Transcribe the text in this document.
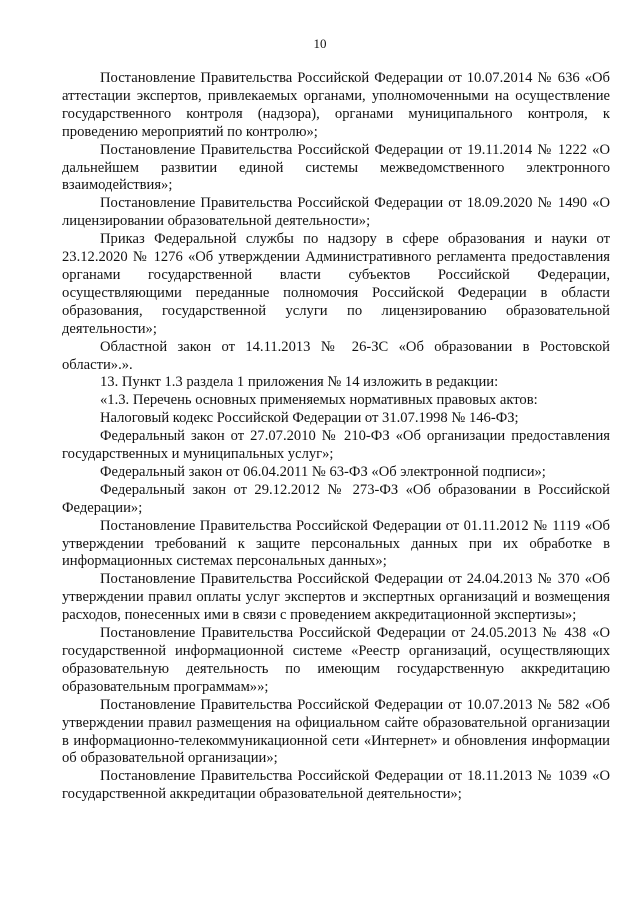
10

Постановление Правительства Российской Федерации от 10.07.2014 № 636 «Об аттестации экспертов, привлекаемых органами, уполномоченными на осуществление государственного контроля (надзора), органами муниципального контроля, к проведению мероприятий по контролю»;

Постановление Правительства Российской Федерации от 19.11.2014 № 1222 «О дальнейшем развитии единой системы межведомственного электронного взаимодействия»;

Постановление Правительства Российской Федерации от 18.09.2020 № 1490 «О лицензировании образовательной деятельности»;

Приказ Федеральной службы по надзору в сфере образования и науки от 23.12.2020 № 1276 «Об утверждении Административного регламента предоставления органами государственной власти субъектов Российской Федерации, осуществляющими переданные полномочия Российской Федерации в области образования, государственной услуги по лицензированию образовательной деятельности»;

Областной закон от 14.11.2013 № 26-ЗС «Об образовании в Ростовской области».».

13. Пункт 1.3 раздела 1 приложения № 14 изложить в редакции:

«1.3. Перечень основных применяемых нормативных правовых актов:

Налоговый кодекс Российской Федерации от 31.07.1998 № 146-ФЗ;

Федеральный закон от 27.07.2010 № 210-ФЗ «Об организации предоставления государственных и муниципальных услуг»;

Федеральный закон от 06.04.2011 № 63-ФЗ «Об электронной подписи»;

Федеральный закон от 29.12.2012 № 273-ФЗ «Об образовании в Российской Федерации»;

Постановление Правительства Российской Федерации от 01.11.2012 № 1119 «Об утверждении требований к защите персональных данных при их обработке в информационных системах персональных данных»;

Постановление Правительства Российской Федерации от 24.04.2013 № 370 «Об утверждении правил оплаты услуг экспертов и экспертных организаций и возмещения расходов, понесенных ими в связи с проведением аккредитационной экспертизы»;

Постановление Правительства Российской Федерации от 24.05.2013 № 438 «О государственной информационной системе «Реестр организаций, осуществляющих образовательную деятельность по имеющим государственную аккредитацию образовательным программам»»;

Постановление Правительства Российской Федерации от 10.07.2013 № 582 «Об утверждении правил размещения на официальном сайте образовательной организации в информационно-телекоммуникационной сети «Интернет» и обновления информации об образовательной организации»;

Постановление Правительства Российской Федерации от 18.11.2013 № 1039 «О государственной аккредитации образовательной деятельности»;
